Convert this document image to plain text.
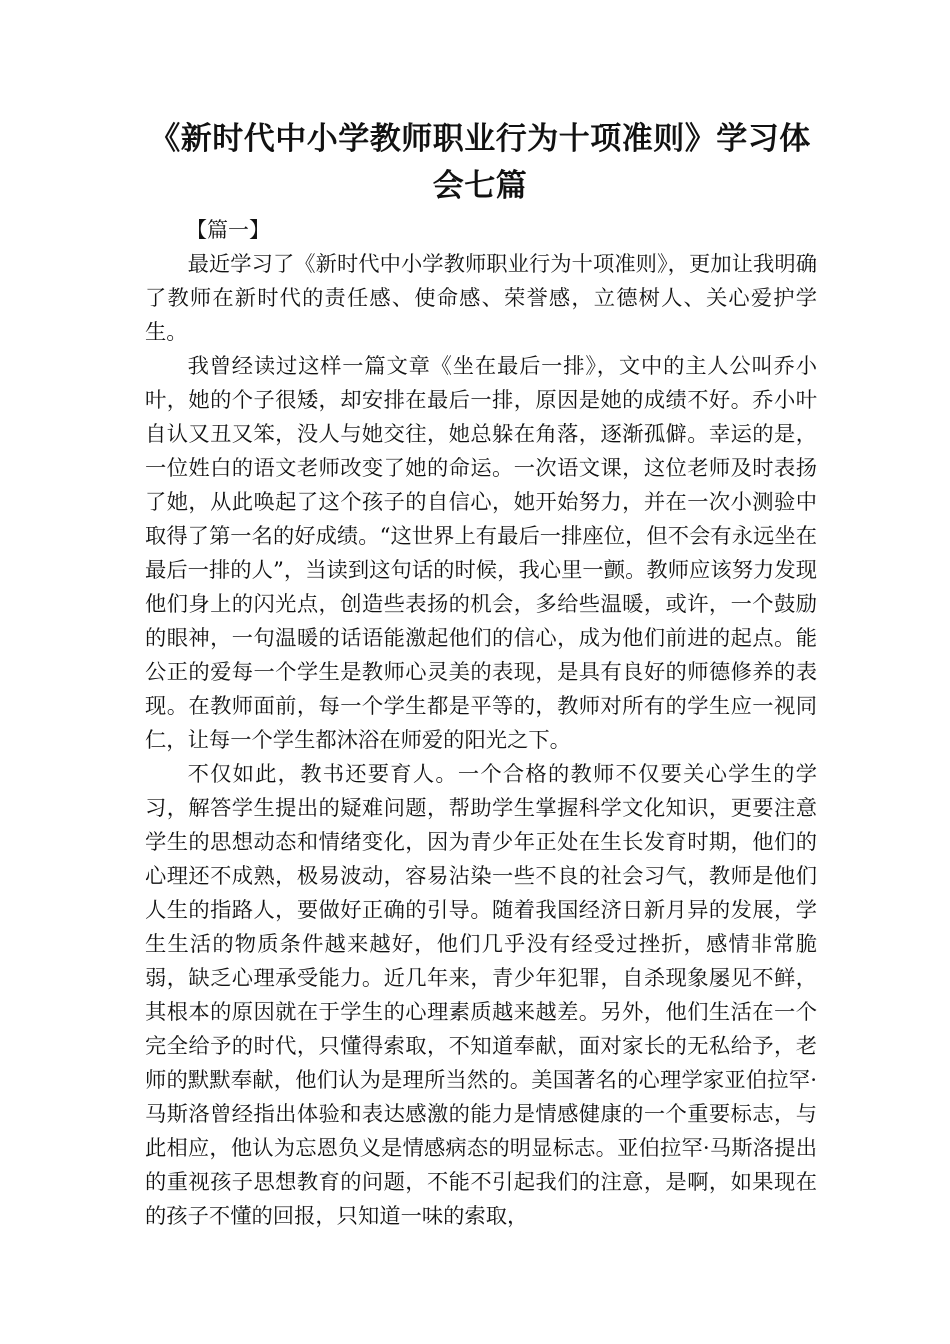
《新时代中小学教师职业行为十项准则》学习体会七篇
【篇一】

最近学习了《新时代中小学教师职业行为十项准则》，更加让我明确了教师在新时代的责任感、使命感、荣誉感，立德树人、关心爱护学生。

我曾经读过这样一篇文章《坐在最后一排》，文中的主人公叫乔小叶，她的个子很矮，却安排在最后一排，原因是她的成绩不好。乔小叶自认又丑又笨，没人与她交往，她总躲在角落，逐渐孤僻。幸运的是，一位姓白的语文老师改变了她的命运。一次语文课，这位老师及时表扬了她，从此唤起了这个孩子的自信心，她开始努力，并在一次小测验中取得了第一名的好成绩。“这世界上有最后一排座位，但不会有永远坐在最后一排的人”，当读到这句话的时候，我心里一颤。教师应该努力发现他们身上的闪光点，创造些表扬的机会，多给些温暖，或许，一个鼓励的眼神，一句温暖的话语能激起他们的信心，成为他们前进的起点。能公正的爱每一个学生是教师心灵美的表现，是具有良好的师德修养的表现。在教师面前，每一个学生都是平等的，教师对所有的学生应一视同仁，让每一个学生都沐浴在师爱的阳光之下。

不仅如此，教书还要育人。一个合格的教师不仅要关心学生的学习，解答学生提出的疑难问题，帮助学生掌握科学文化知识，更要注意学生的思想动态和情绪变化，因为青少年正处在生长发育时期，他们的心理还不成熟，极易波动，容易沾染一些不良的社会习气，教师是他们人生的指路人，要做好正确的引导。随着我国经济日新月异的发展，学生生活的物质条件越来越好，他们几乎没有经受过挫折，感情非常脆弱，缺乏心理承受能力。近几年来，青少年犯罪，自杀现象屡见不鲜，其根本的原因就在于学生的心理素质越来越差。另外，他们生活在一个完全给予的时代，只懂得索取，不知道奉献，面对家长的无私给予，老师的默默奉献，他们认为是理所当然的。美国著名的心理学家亚伯拉罕·马斯洛曾经指出体验和表达感激的能力是情感健康的一个重要标志，与此相应，他认为忘恩负义是情感病态的明显标志。亚伯拉罕·马斯洛提出的重视孩子思想教育的问题，不能不引起我们的注意，是啊，如果现在的孩子不懂的回报，只知道一味的索取，
